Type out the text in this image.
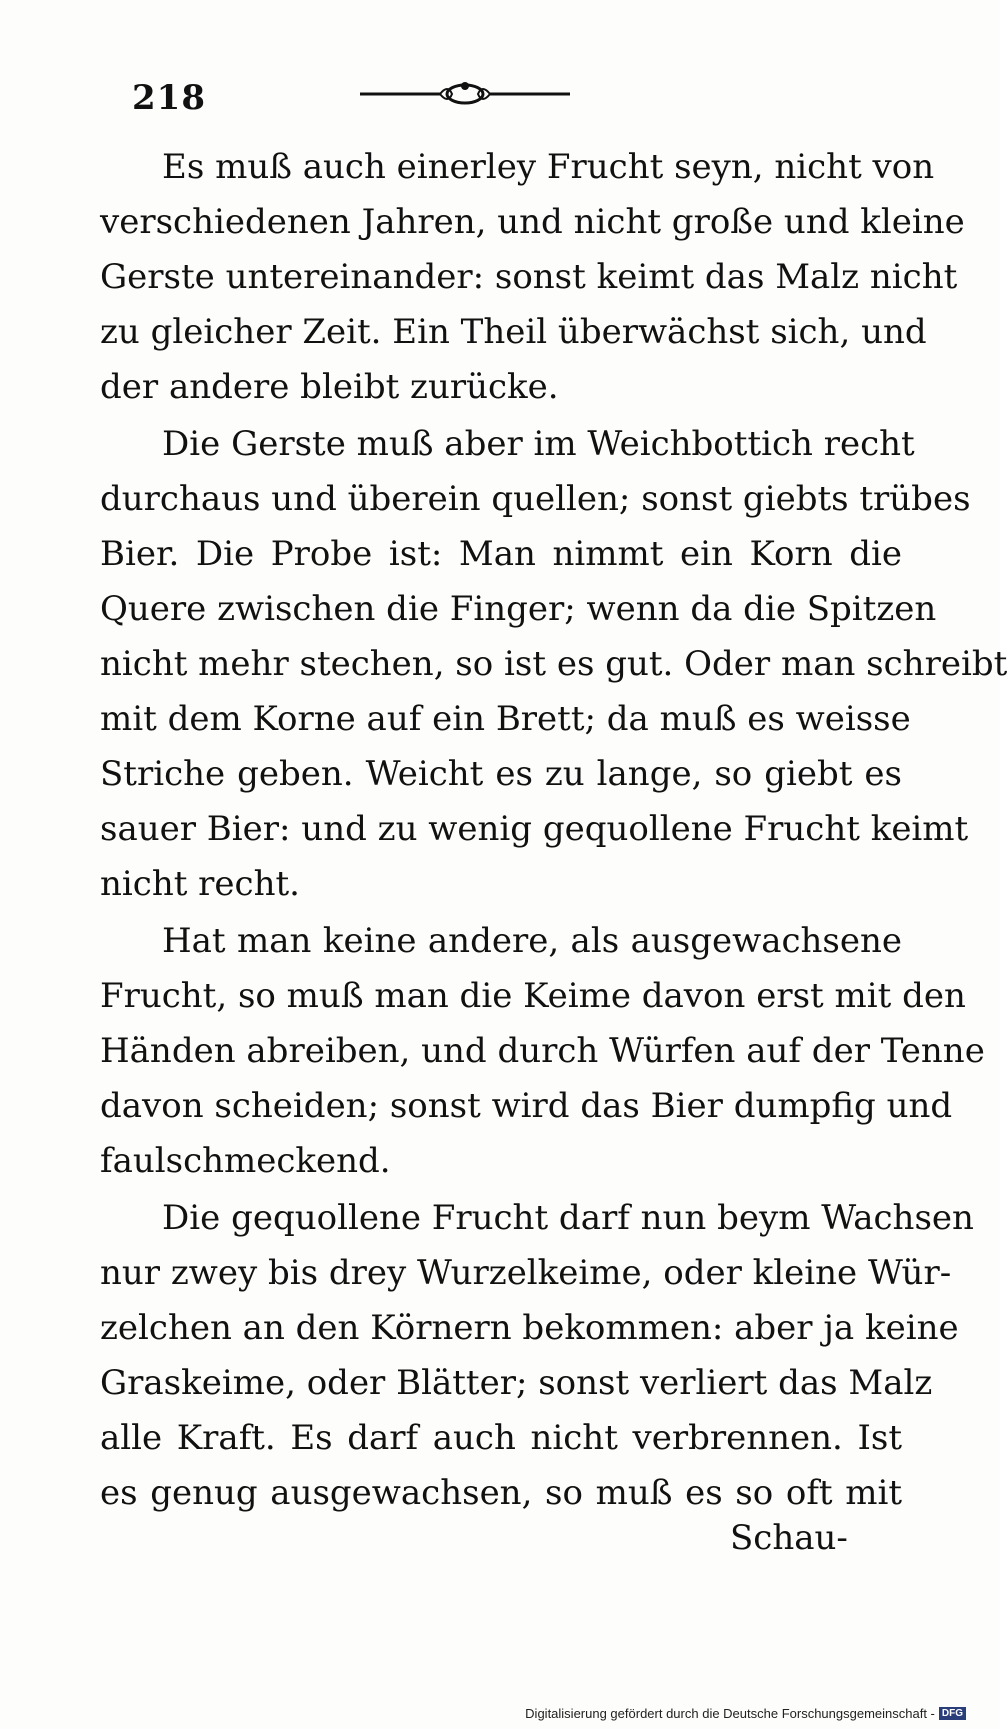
218
Es muß auch einerley Frucht seyn, nicht von
verschiedenen Jahren, und nicht große und kleine
Gerste untereinander: sonst keimt das Malz nicht
zu gleicher Zeit. Ein Theil überwächst sich, und
der andere bleibt zurücke.
Die Gerste muß aber im Weichbottich recht
durchaus und überein quellen; sonst giebts trübes
Bier. Die Probe ist: Man nimmt ein Korn die
Quere zwischen die Finger; wenn da die Spitzen
nicht mehr stechen, so ist es gut. Oder man schreibt
mit dem Korne auf ein Brett; da muß es weisse
Striche geben. Weicht es zu lange, so giebt es
sauer Bier: und zu wenig gequollene Frucht keimt
nicht recht.
Hat man keine andere, als ausgewachsene
Frucht, so muß man die Keime davon erst mit den
Händen abreiben, und durch Würfen auf der Tenne
davon scheiden; sonst wird das Bier dumpfig und
faulschmeckend.
Die gequollene Frucht darf nun beym Wachsen
nur zwey bis drey Wurzelkeime, oder kleine Wür-
zelchen an den Körnern bekommen: aber ja keine
Graskeime, oder Blätter; sonst verliert das Malz
alle Kraft. Es darf auch nicht verbrennen. Ist
es genug ausgewachsen, so muß es so oft mit
Schau-
Digitalisierung gefördert durch die Deutsche Forschungsgemeinschaft - DFG
